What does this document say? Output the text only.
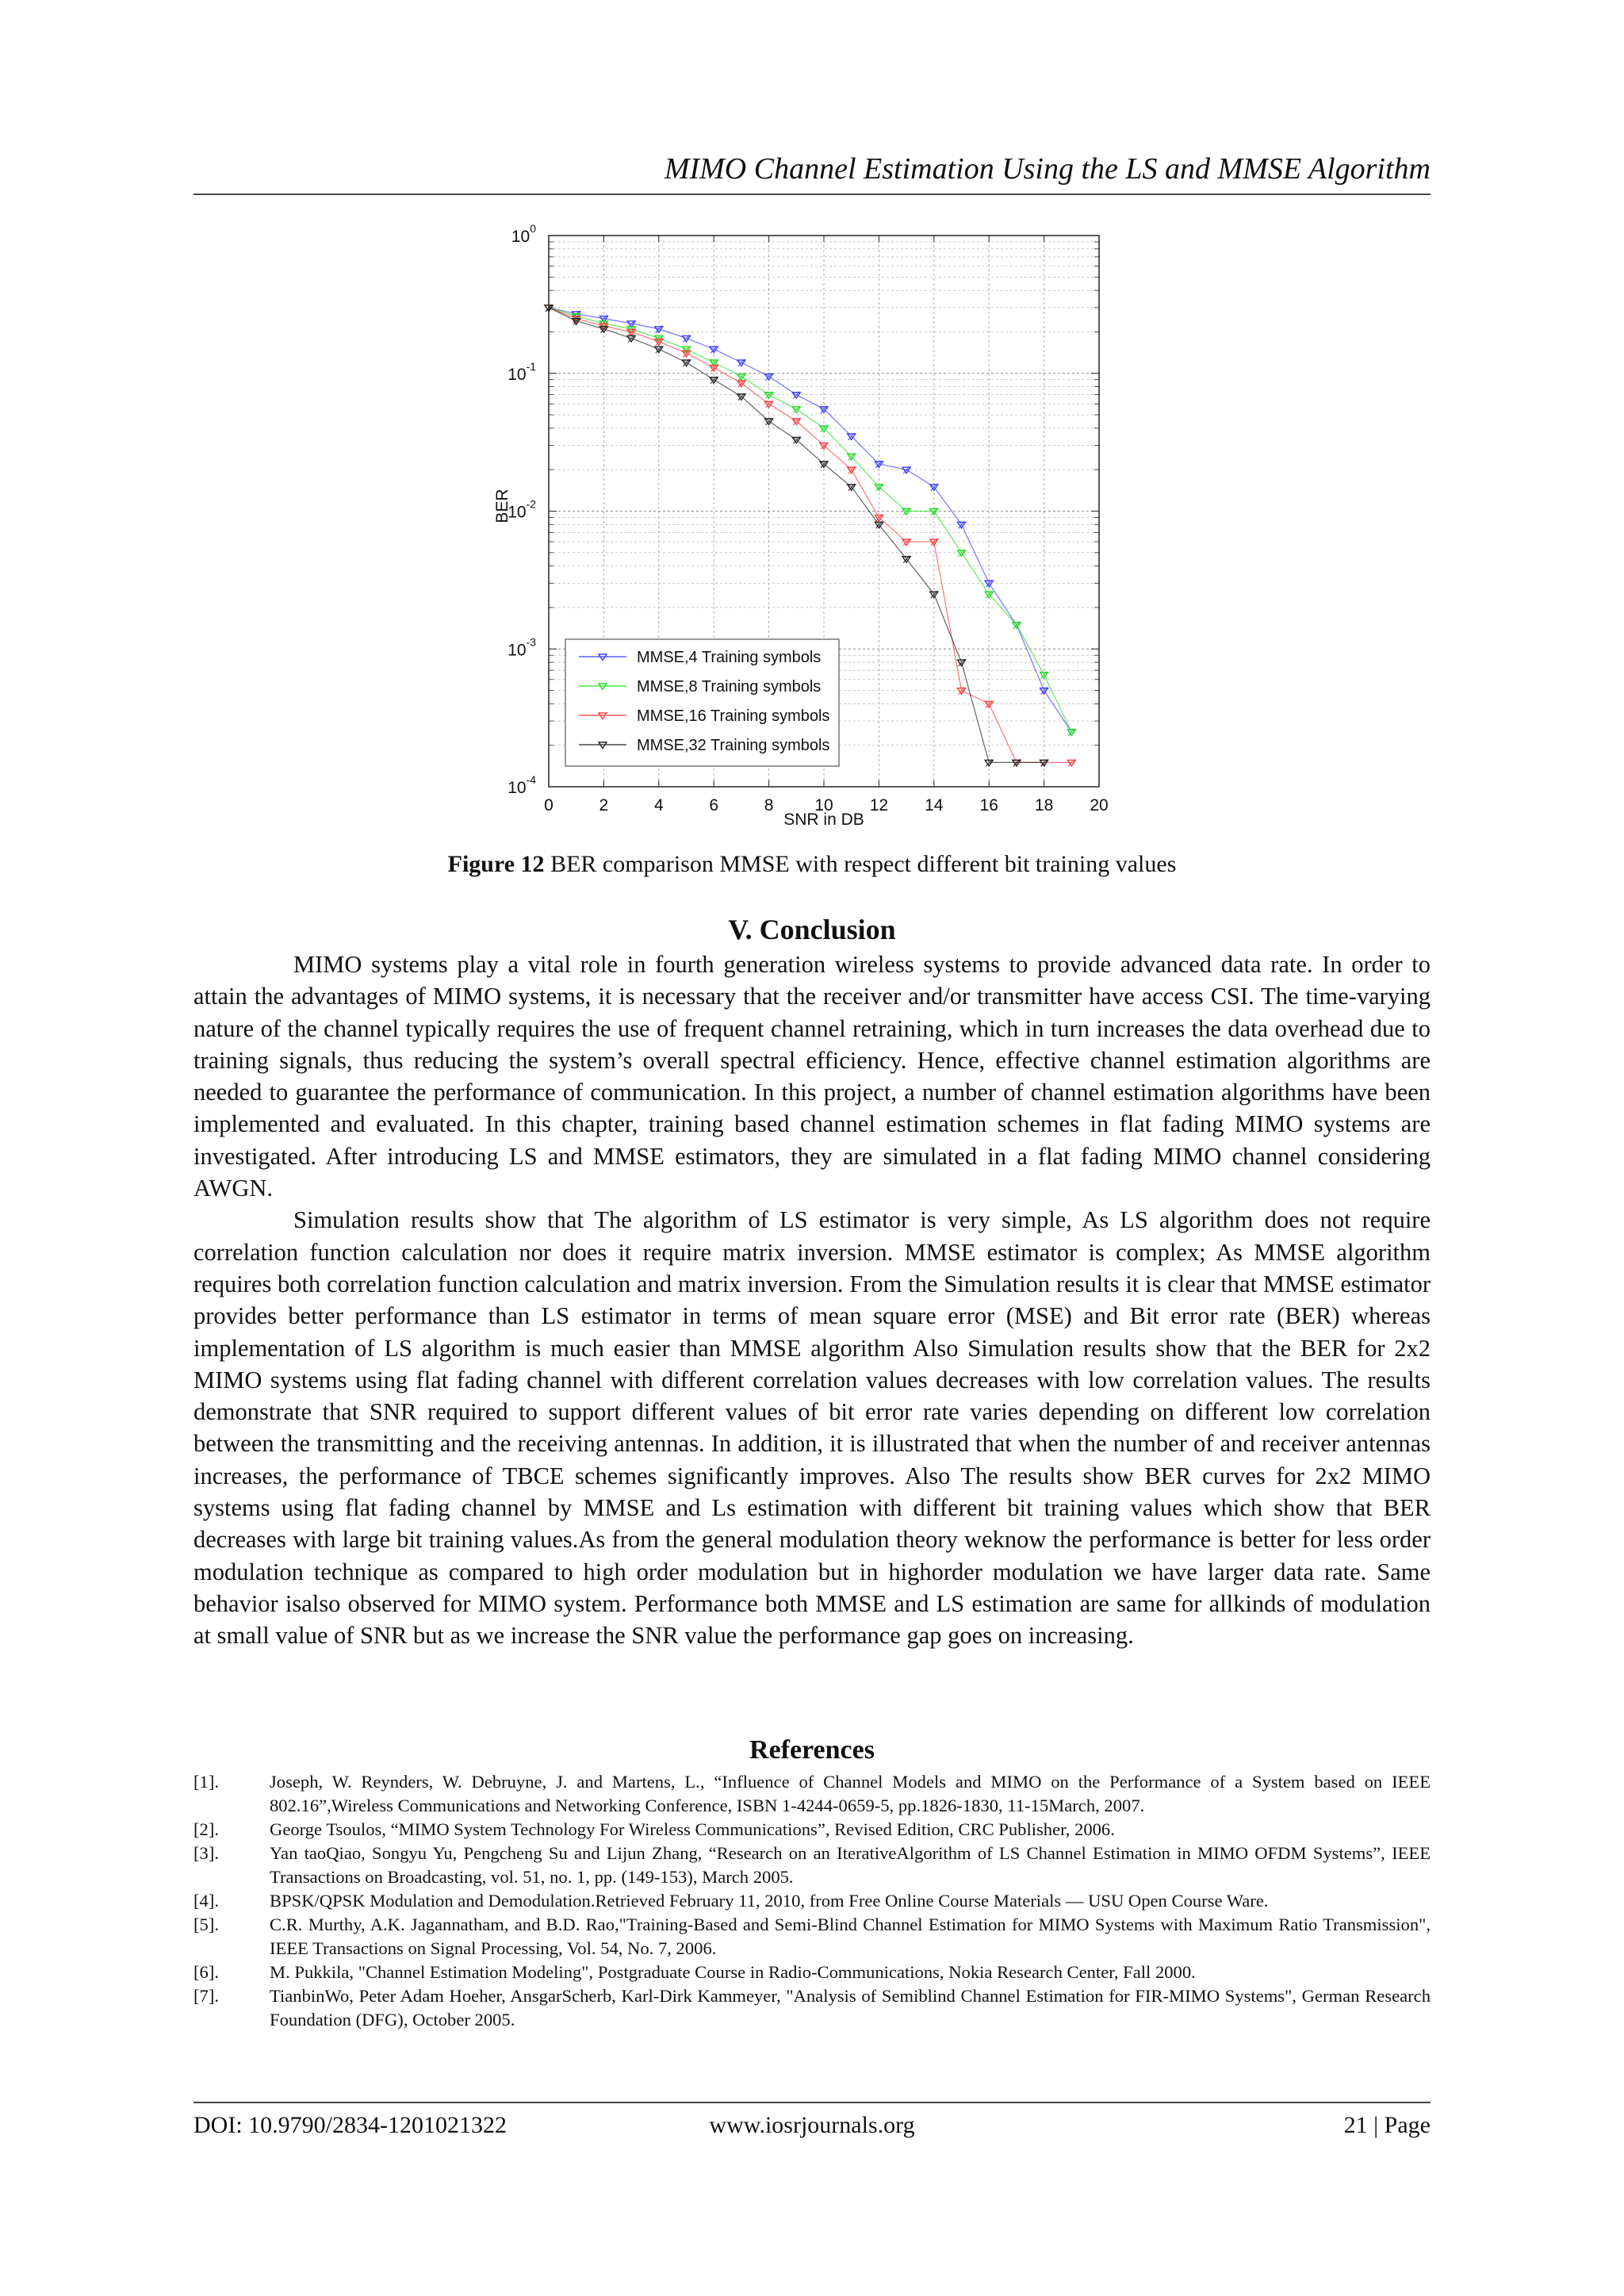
MIMO Channel Estimation Using the LS and MMSE Algorithm
0	2	4	6	8 10 12 14 16 18 20
$10^0$
$10^{-1}$
$10^{-2}$
$10^{-3}$
$10^{-4}$
SNR in DB
BER
MMSE,4 Training symbols
MMSE,8 Training symbols
MMSE,16 Training symbols
MMSE,32 Training symbols
Figure 12 BER comparison MMSE with respect different bit training values
V. Conclusion

MIMO systems play a vital role in fourth generation wireless systems to provide advanced data rate. In order to attain the advantages of MIMO systems, it is necessary that the receiver and/or transmitter have access CSI. The time-varying nature of the channel typically requires the use of frequent channel retraining, which in turn increases the data overhead due to training signals, thus reducing the system’s overall spectral efficiency. Hence, effective channel estimation algorithms are needed to guarantee the performance of communication. In this project, a number of channel estimation algorithms have been implemented and evaluated. In this chapter, training based channel estimation schemes in flat fading MIMO systems are investigated. After introducing LS and MMSE estimators, they are simulated in a flat fading MIMO channel considering AWGN.

Simulation results show that The algorithm of LS estimator is very simple, As LS algorithm does not require correlation function calculation nor does it require matrix inversion. MMSE estimator is complex; As MMSE algorithm requires both correlation function calculation and matrix inversion. From the Simulation results it is clear that MMSE estimator provides better performance than LS estimator in terms of mean square error (MSE) and Bit error rate (BER) whereas implementation of LS algorithm is much easier than MMSE algorithm Also Simulation results show that the BER for 2x2 MIMO systems using flat fading channel with different correlation values decreases with low correlation values. The results demonstrate that SNR required to support different values of bit error rate varies depending on different low correlation between the transmitting and the receiving antennas. In addition, it is illustrated that when the number of and receiver antennas increases, the performance of TBCE schemes significantly improves. Also The results show BER curves for 2x2 MIMO systems using flat fading channel by MMSE and Ls estimation with different bit training values which show that BER decreases with large bit training values.As from the general modulation theory weknow the performance is better for less order modulation technique as compared to high order modulation but in highorder modulation we have larger data rate. Same behavior isalso observed for MIMO system. Performance both MMSE and LS estimation are same for allkinds of modulation at small value of SNR but as we increase the SNR value the performance gap goes on increasing.

References
[1].	Joseph, W. Reynders, W. Debruyne, J. and Martens, L., “Influence of Channel Models and MIMO on the Performance of a System based on IEEE 802.16”,Wireless Communications and Networking Conference, ISBN 1-4244-0659-5, pp.1826-1830, 11-15March, 2007.
[2].	George Tsoulos, “MIMO System Technology For Wireless Communications”, Revised Edition, CRC Publisher, 2006.
[3].	Yan taoQiao, Songyu Yu, Pengcheng Su and Lijun Zhang, “Research on an IterativeAlgorithm of LS Channel Estimation in MIMO OFDM Systems”, IEEE Transactions on Broadcasting, vol. 51, no. 1, pp. (149-153), March 2005.
[4].	BPSK/QPSK Modulation and Demodulation.Retrieved February 11, 2010, from Free Online Course Materials — USU Open Course Ware.
[5].	C.R. Murthy, A.K. Jagannatham, and B.D. Rao,"Training-Based and Semi-Blind Channel Estimation for MIMO Systems with Maximum Ratio Transmission", IEEE Transactions on Signal Processing, Vol. 54, No. 7, 2006.
[6].	M. Pukkila, "Channel Estimation Modeling", Postgraduate Course in Radio-Communications, Nokia Research Center, Fall 2000.
[7].	TianbinWo, Peter Adam Hoeher, AnsgarScherb, Karl-Dirk Kammeyer, "Analysis of Semiblind Channel Estimation for FIR-MIMO Systems", German Research Foundation (DFG), October 2005.
DOI: 10.9790/2834-1201021322	www.iosrjournals.org	21 | Page
